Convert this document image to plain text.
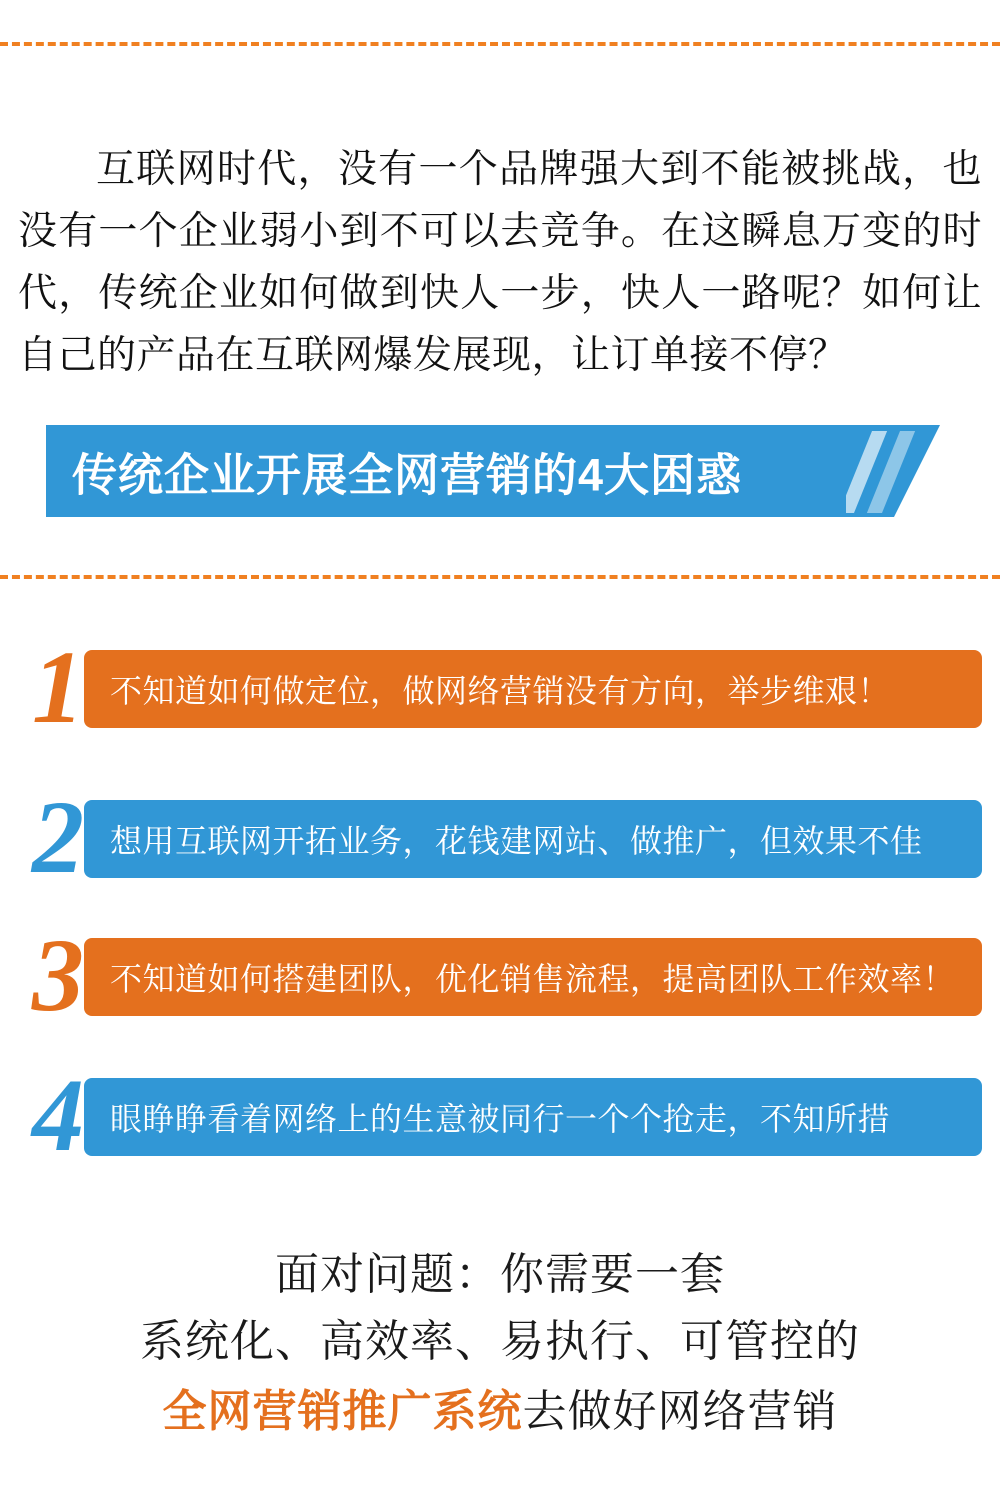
互联网时代，没有一个品牌强大到不能被挑战，也没有一个企业弱小到不可以去竞争。在这瞬息万变的时代，传统企业如何做到快人一步，快人一路呢？如何让自己的产品在互联网爆发展现，让订单接不停？

传统企业开展全网营销的4大困惑
1 不知道如何做定位，做网络营销没有方向，举步维艰！
2 想用互联网开拓业务，花钱建网站、做推广，但效果不佳
3 不知道如何搭建团队，优化销售流程，提高团队工作效率！
4 眼睁睁看着网络上的生意被同行一个个抢走，不知所措
面对问题：你需要一套
系统化、高效率、易执行、可管控的
全网营销推广系统去做好网络营销
